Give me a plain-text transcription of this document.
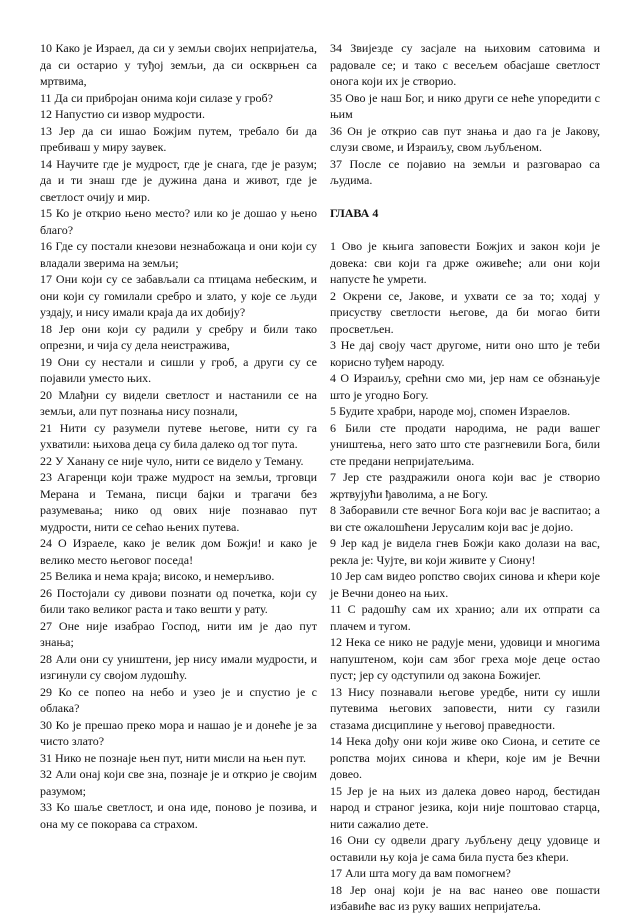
10 Како је Израел, да си у земљи својих непријатеља, да си остарио у туђој земљи, да си оскврњен са мртвима,

11 Да си прибројан онима који силазе у гроб?

12 Напустио си извор мудрости.

13 Јер да си ишао Божјим путем, требало би да пребиваш у миру заувек.

14 Научите где је мудрост, где је снага, где је разум; да и ти знаш где је дужина дана и живот, где је светлост очију и мир.

15 Ко је открио њено место? или ко је дошао у њено благо?

16 Где су постали кнезови незнабожаца и они који су владали зверима на земљи;

17 Они који су се забављали са птицама небеским, и они који су гомилали сребро и злато, у које се људи уздају, и нису имали краја да их добију?

18 Јер они који су радили у сребру и били тако опрезни, и чија су дела неистражива,

19 Они су нестали и сишли у гроб, а други су се појавили уместо њих.

20 Млађни су видели светлост и настанили се на земљи, али пут познања нису познали,

21 Нити су разумели путеве његове, нити су га ухватили: њихова деца су била далеко од тог пута.

22 У Ханану се није чуло, нити се видело у Теману.

23 Агаренци који траже мудрост на земљи, трговци Мерана и Темана, писци бајки и трагачи без разумевања; нико од ових није познавао пут мудрости, нити се сећао њених путева.

24 О Израеле, како је велик дом Божји! и како је велико место његовог поседа!

25 Велика и нема краја; високо, и немерљиво.

26 Постојали су дивови познати од почетка, који су били тако великог раста и тако вешти у рату.

27 Оне није изабрао Господ, нити им је дао пут знања;

28 Али они су уништени, јер нису имали мудрости, и изгинули су својом лудошћу.

29 Ко се попео на небо и узео је и спустио је с облака?

30 Ко је прешао преко мора и нашао је и донеће је за чисто злато?

31 Нико не познаје њен пут, нити мисли на њен пут.

32 Али онај који све зна, познаје је и открио је својим разумом;

33 Ко шаље светлост, и она иде, поново је позива, и она му се покорава са страхом.

34 Звијезде су засјале на њиховим сатовима и радовале се; и тако с весељем обасјаше светлост онога који их је створио.

35 Ово је наш Бог, и нико други се неће упоредити с њим

36 Он је открио сав пут знања и дао га је Јакову, слузи своме, и Израиљу, свом љубљеном.

37 После се појавио на земљи и разговарао са људима.

ГЛАВА 4

1 Ово је књига заповести Божјих и закон који је довека: сви који га држе оживеће; али они који напусте ће умрети.

2 Окрени се, Јакове, и ухвати се за то; ходај у присуству светлости његове, да би могао бити просветљен.

3 Не дај своју част другоме, нити оно што је теби корисно туђем народу.

4 О Израиљу, срећни смо ми, јер нам се обзнањује што је угодно Богу.

5 Будите храбри, народе мој, спомен Израелов.

6 Били сте продати народима, не ради вашег уништења, него зато што сте разгневили Бога, били сте предани непријатељима.

7 Јер сте раздражили онога који вас је створио жртвујући ђаволима, а не Богу.

8 Заборавили сте вечног Бога који вас је васпитао; а ви сте ожалошћени Јерусалим који вас је дојио.

9 Јер кад је видела гнев Божји како долази на вас, рекла је: Чујте, ви који живите у Сиону!

10 Јер сам видео ропство својих синова и кћери које је Вечни донео на њих.

11 С радошћу сам их хранио; али их отпрати са плачем и тугом.

12 Нека се нико не радује мени, удовици и многима напуштеном, који сам због греха моје деце остао пуст; јер су одступили од закона Божијег.

13 Нису познавали његове уредбе, нити су ишли путевима његових заповести, нити су газили стазама дисциплине у његовој праведности.

14 Нека дођу они који живе око Сиона, и сетите се ропства мојих синова и кћери, које им је Вечни довео.

15 Јер је на њих из далека довео народ, бестидан народ и страног језика, који није поштовао старца, нити сажалио дете.

16 Они су одвели драгу љубљену децу удовице и оставили њу која је сама била пуста без кћери.

17 Али шта могу да вам помогнем?

18 Јер онај који је на вас нанео ове пошасти избавиће вас из руку ваших непријатеља.
